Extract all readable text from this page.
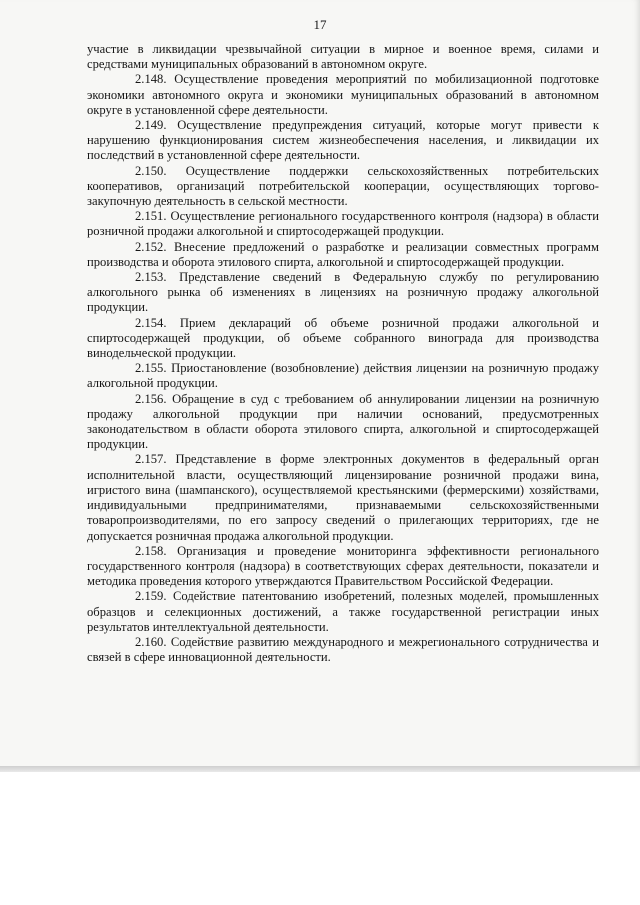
17

участие в ликвидации чрезвычайной ситуации в мирное и военное время, силами и средствами муниципальных образований в автономном округе.

2.148. Осуществление проведения мероприятий по мобилизационной подготовке экономики автономного округа и экономики муниципальных образований в автономном округе в установленной сфере деятельности.

2.149. Осуществление предупреждения ситуаций, которые могут привести к нарушению функционирования систем жизнеобеспечения населения, и ликвидации их последствий в установленной сфере деятельности.

2.150. Осуществление поддержки сельскохозяйственных потребительских кооперативов, организаций потребительской кооперации, осуществляющих торгово-закупочную деятельность в сельской местности.

2.151. Осуществление регионального государственного контроля (надзора) в области розничной продажи алкогольной и спиртосодержащей продукции.

2.152. Внесение предложений о разработке и реализации совместных программ производства и оборота этилового спирта, алкогольной и спиртосодержащей продукции.

2.153. Представление сведений в Федеральную службу по регулированию алкогольного рынка об изменениях в лицензиях на розничную продажу алкогольной продукции.

2.154. Прием деклараций об объеме розничной продажи алкогольной и спиртосодержащей продукции, об объеме собранного винограда для производства винодельческой продукции.

2.155. Приостановление (возобновление) действия лицензии на розничную продажу алкогольной продукции.

2.156. Обращение в суд с требованием об аннулировании лицензии на розничную продажу алкогольной продукции при наличии оснований, предусмотренных законодательством в области оборота этилового спирта, алкогольной и спиртосодержащей продукции.

2.157. Представление в форме электронных документов в федеральный орган исполнительной власти, осуществляющий лицензирование розничной продажи вина, игристого вина (шампанского), осуществляемой крестьянскими (фермерскими) хозяйствами, индивидуальными предпринимателями, признаваемыми сельскохозяйственными товаропроизводителями, по его запросу сведений о прилегающих территориях, где не допускается розничная продажа алкогольной продукции.

2.158. Организация и проведение мониторинга эффективности регионального государственного контроля (надзора) в соответствующих сферах деятельности, показатели и методика проведения которого утверждаются Правительством Российской Федерации.

2.159. Содействие патентованию изобретений, полезных моделей, промышленных образцов и селекционных достижений, а также государственной регистрации иных результатов интеллектуальной деятельности.

2.160. Содействие развитию международного и межрегионального сотрудничества и связей в сфере инновационной деятельности.
